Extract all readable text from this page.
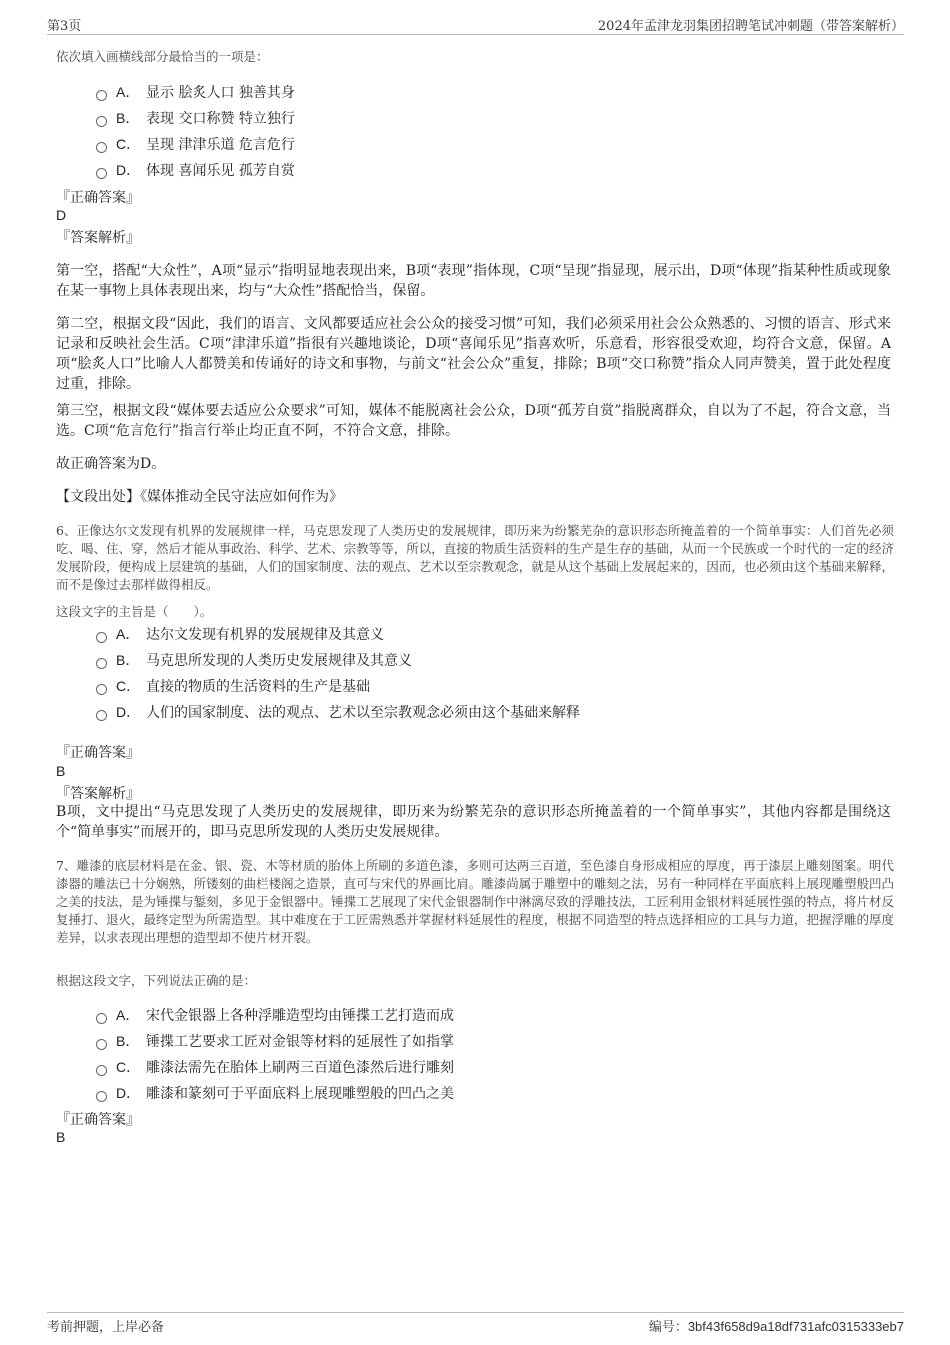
第3页	2024年孟津龙羽集团招聘笔试冲刺题（带答案解析）
依次填入画横线部分最恰当的一项是：
A． 显示 脍炙人口 独善其身
B． 表现 交口称赞 特立独行
C． 呈现 津津乐道 危言危行
D． 体现 喜闻乐见 孤芳自赏
『正确答案』
D
『答案解析』
第一空，搭配“大众性”，A项“显示”指明显地表现出来，B项“表现”指体现，C项“呈现”指显现，展示出，D项“体现”指某种性质或现象在某一事物上具体表现出来，均与“大众性”搭配恰当，保留。
第二空，根据文段“因此，我们的语言、文风都要适应社会公众的接受习惯”可知，我们必须采用社会公众熟悉的、习惯的语言、形式来记录和反映社会生活。C项“津津乐道”指很有兴趣地谈论，D项“喜闻乐见”指喜欢听，乐意看，形容很受欢迎，均符合文意，保留。A项“脍炙人口”比喻人人都赞美和传诵好的诗文和事物，与前文“社会公众”重复，排除；B项“交口称赞”指众人同声赞美，置于此处程度过重，排除。
第三空，根据文段“媒体要去适应公众要求”可知，媒体不能脱离社会公众，D项“孤芳自赏”指脱离群众，自以为了不起，符合文意，当选。C项“危言危行”指言行举止均正直不阿，不符合文意，排除。
故正确答案为D。
【文段出处】《媒体推动全民守法应如何作为》
6、正像达尔文发现有机界的发展规律一样，马克思发现了人类历史的发展规律，即历来为纷繁芜杂的意识形态所掩盖着的一个简单事实：人们首先必须吃、喝、住、穿，然后才能从事政治、科学、艺术、宗教等等，所以，直接的物质生活资料的生产是生存的基础，从而一个民族或一个时代的一定的经济发展阶段，便构成上层建筑的基础，人们的国家制度、法的观点、艺术以至宗教观念，就是从这个基础上发展起来的，因而，也必须由这个基础来解释，而不是像过去那样做得相反。
这段文字的主旨是（　　）。
A． 达尔文发现有机界的发展规律及其意义
B． 马克思所发现的人类历史发展规律及其意义
C． 直接的物质的生活资料的生产是基础
D． 人们的国家制度、法的观点、艺术以至宗教观念必须由这个基础来解释
『正确答案』
B
『答案解析』
B项，文中提出“马克思发现了人类历史的发展规律，即历来为纷繁芜杂的意识形态所掩盖着的一个简单事实”，其他内容都是围绕这个“简单事实”而展开的，即马克思所发现的人类历史发展规律。
7、雕漆的底层材料是在金、银、瓷、木等材质的胎体上所刷的多道色漆，多则可达两三百道，至色漆自身形成相应的厚度，再于漆层上雕刻图案。明代漆器的雕法已十分娴熟，所镂刻的曲栏楼阁之造景，直可与宋代的界画比肩。雕漆尚属于雕塑中的雕刻之法，另有一种同样在平面底料上展现雕塑般凹凸之美的技法，是为锤揲与錾刻，多见于金银器中。锤揲工艺展现了宋代金银器制作中淋漓尽致的浮雕技法，工匠利用金银材料延展性强的特点，将片材反复捶打、退火，最终定型为所需造型。其中难度在于工匠需熟悉并掌握材料延展性的程度，根据不同造型的特点选择相应的工具与力道，把握浮雕的厚度差异，以求表现出理想的造型却不使片材开裂。
根据这段文字，下列说法正确的是：
A． 宋代金银器上各种浮雕造型均由锤揲工艺打造而成
B． 锤揲工艺要求工匠对金银等材料的延展性了如指掌
C． 雕漆法需先在胎体上刷两三百道色漆然后进行雕刻
D． 雕漆和篆刻可于平面底料上展现雕塑般的凹凸之美
『正确答案』
B
考前押题，上岸必备	编号：3bf43f658d9a18df731afc0315333eb7
